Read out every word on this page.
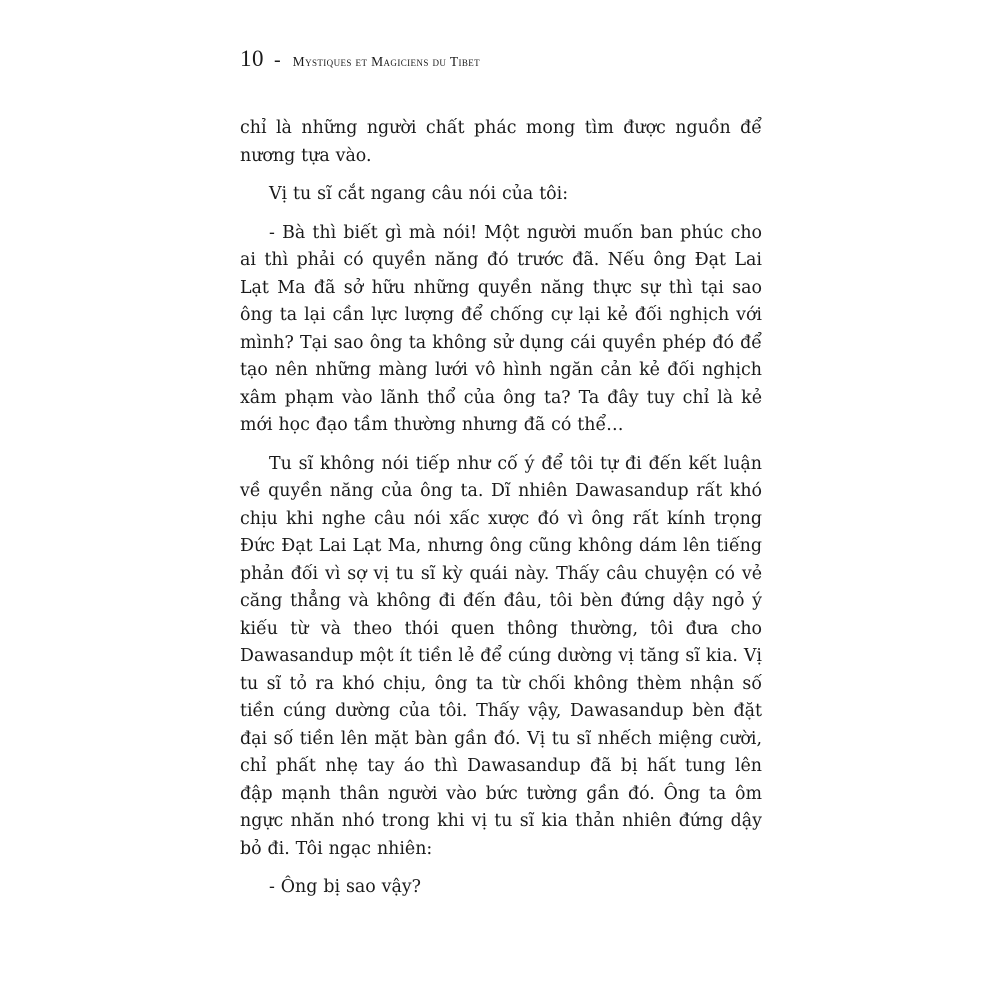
10 - Mystiques et Magiciens du Tibet

chỉ là những người chất phác mong tìm được nguồn để nương tựa vào.

Vị tu sĩ cắt ngang câu nói của tôi:

- Bà thì biết gì mà nói! Một người muốn ban phúc cho ai thì phải có quyền năng đó trước đã. Nếu ông Đạt Lai Lạt Ma đã sở hữu những quyền năng thực sự thì tại sao ông ta lại cần lực lượng để chống cự lại kẻ đối nghịch với mình? Tại sao ông ta không sử dụng cái quyền phép đó để tạo nên những màng lưới vô hình ngăn cản kẻ đối nghịch xâm phạm vào lãnh thổ của ông ta? Ta đây tuy chỉ là kẻ mới học đạo tầm thường nhưng đã có thể…

Tu sĩ không nói tiếp như cố ý để tôi tự đi đến kết luận về quyền năng của ông ta. Dĩ nhiên Dawasandup rất khó chịu khi nghe câu nói xấc xược đó vì ông rất kính trọng Đức Đạt Lai Lạt Ma, nhưng ông cũng không dám lên tiếng phản đối vì sợ vị tu sĩ kỳ quái này. Thấy câu chuyện có vẻ căng thẳng và không đi đến đâu, tôi bèn đứng dậy ngỏ ý kiếu từ và theo thói quen thông thường, tôi đưa cho Dawasandup một ít tiền lẻ để cúng dường vị tăng sĩ kia. Vị tu sĩ tỏ ra khó chịu, ông ta từ chối không thèm nhận số tiền cúng dường của tôi. Thấy vậy, Dawasandup bèn đặt đại số tiền lên mặt bàn gần đó. Vị tu sĩ nhếch miệng cười, chỉ phất nhẹ tay áo thì Dawasandup đã bị hất tung lên đập mạnh thân người vào bức tường gần đó. Ông ta ôm ngực nhăn nhó trong khi vị tu sĩ kia thản nhiên đứng dậy bỏ đi. Tôi ngạc nhiên:

- Ông bị sao vậy?
